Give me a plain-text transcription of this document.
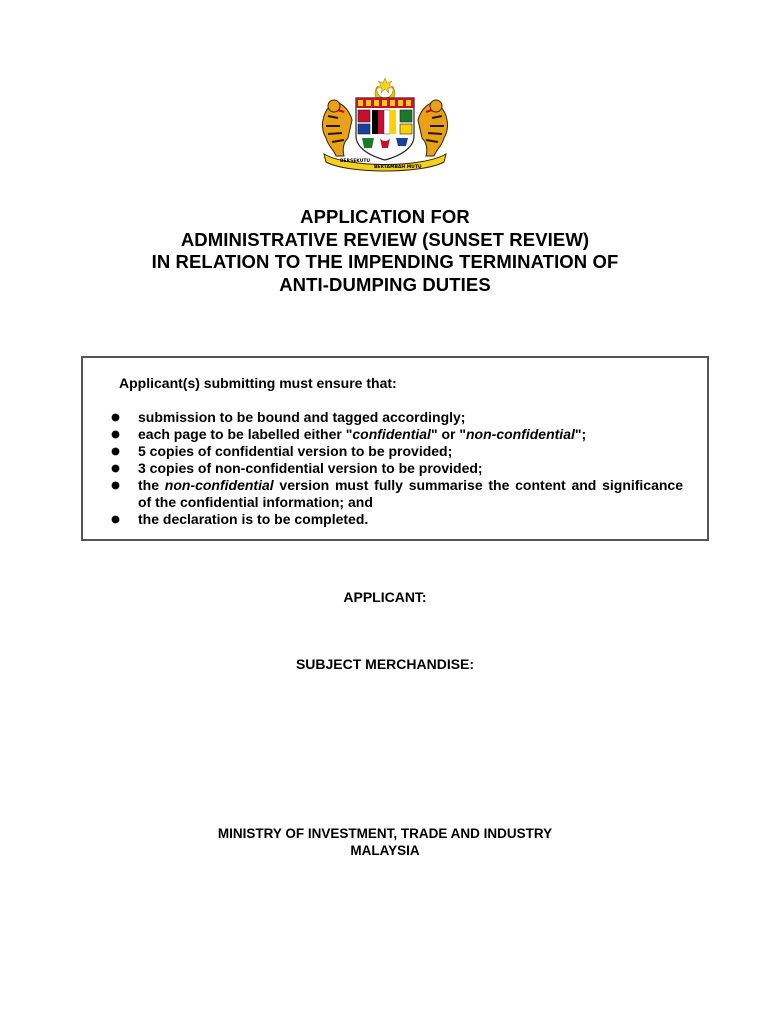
BERSEKUTU
BERTAMBAH MUTU
APPLICATION FOR
ADMINISTRATIVE REVIEW (SUNSET REVIEW)
IN RELATION TO THE IMPENDING TERMINATION OF
ANTI-DUMPING DUTIES
Applicant(s) submitting must ensure that:
submission to be bound and tagged accordingly;
each page to be labelled either "confidential" or "non-confidential";
5 copies of confidential version to be provided;
3 copies of non-confidential version to be provided;
the non-confidential version must fully summarise the content and significance of the confidential information; and
the declaration is to be completed.
APPLICANT:
SUBJECT MERCHANDISE:
MINISTRY OF INVESTMENT, TRADE AND INDUSTRY
MALAYSIA
